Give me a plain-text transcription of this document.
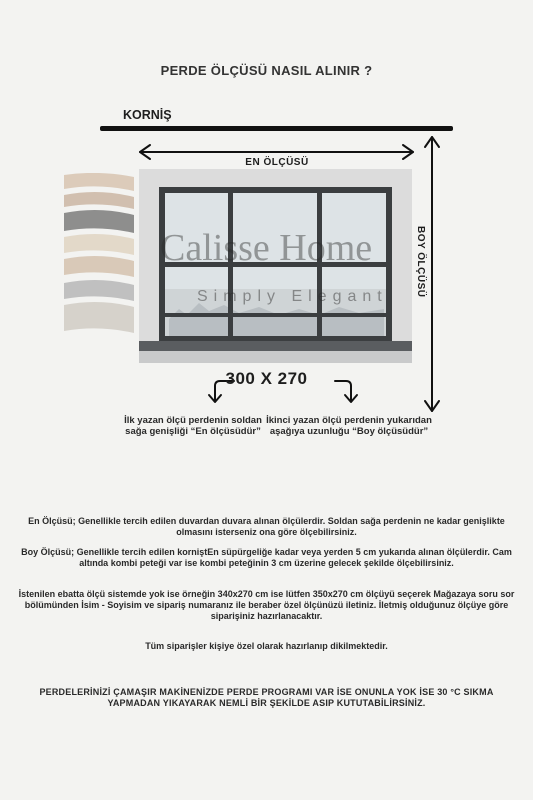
PERDE ÖLÇÜSÜ NASIL ALINIR ?
KORNİŞ
EN ÖLÇÜSÜ
BOY ÖLÇÜSÜ
Calisse Home
Simply Elegant
300 X 270
İlk yazan ölçü perdenin soldan sağa genişliği “En ölçüsüdür”
İkinci yazan ölçü perdenin yukarıdan aşağıya uzunluğu “Boy ölçüsüdür”
En Ölçüsü; Genellikle tercih edilen duvardan duvara alınan ölçülerdir. Soldan sağa perdenin ne kadar genişlikte olmasını isterseniz ona göre ölçebilirsiniz.
Boy Ölçüsü; Genellikle tercih edilen korniştEn süpürgeliğe kadar veya yerden 5 cm yukarıda alınan ölçülerdir. Cam altında kombi peteği var ise kombi peteğinin 3 cm üzerine gelecek şekilde ölçebilirsiniz.
İstenilen ebatta ölçü sistemde yok ise örneğin 340x270 cm ise lütfen 350x270 cm ölçüyü seçerek Mağazaya soru sor bölümünden İsim - Soyisim ve sipariş numaranız ile beraber özel ölçünüzü iletiniz. İletmiş olduğunuz ölçüye göre siparişiniz hazırlanacaktır.
Tüm siparişler kişiye özel olarak hazırlanıp dikilmektedir.
PERDELERİNİZİ ÇAMAŞIR MAKİNENİZDE PERDE PROGRAMI VAR İSE ONUNLA YOK İSE 30 °C SIKMA YAPMADAN YIKAYARAK NEMLİ BİR ŞEKİLDE ASIP KUTUTABİLİRSİNİZ.
